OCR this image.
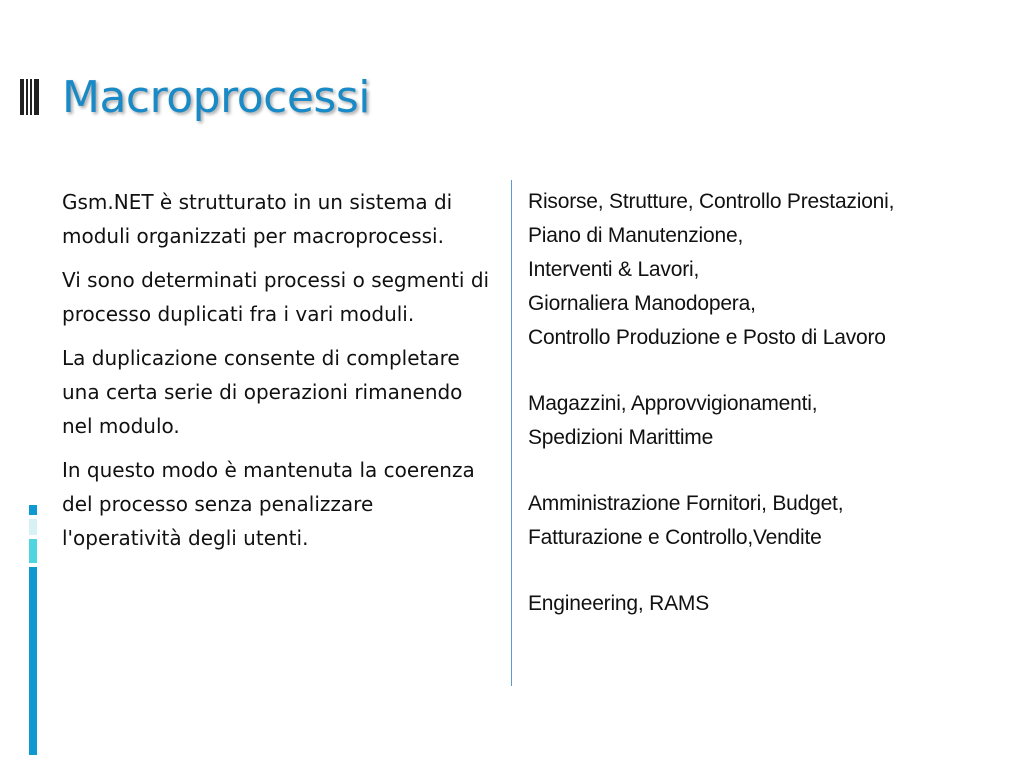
Macroprocessi

Gsm.NET è strutturato in un sistema di moduli organizzati per macroprocessi.

Vi sono determinati processi o segmenti di processo duplicati fra i vari moduli.

La duplicazione consente di completare una certa serie di operazioni rimanendo nel modulo.

In questo modo è mantenuta la coerenza del processo senza penalizzare l'operatività degli utenti.

Risorse, Strutture, Controllo Prestazioni,
Piano di Manutenzione,
Interventi & Lavori,
Giornaliera Manodopera,
Controllo Produzione e Posto di Lavoro
Magazzini, Approvvigionamenti,
Spedizioni Marittime
Amministrazione Fornitori, Budget,
Fatturazione e Controllo,Vendite
Engineering, RAMS
